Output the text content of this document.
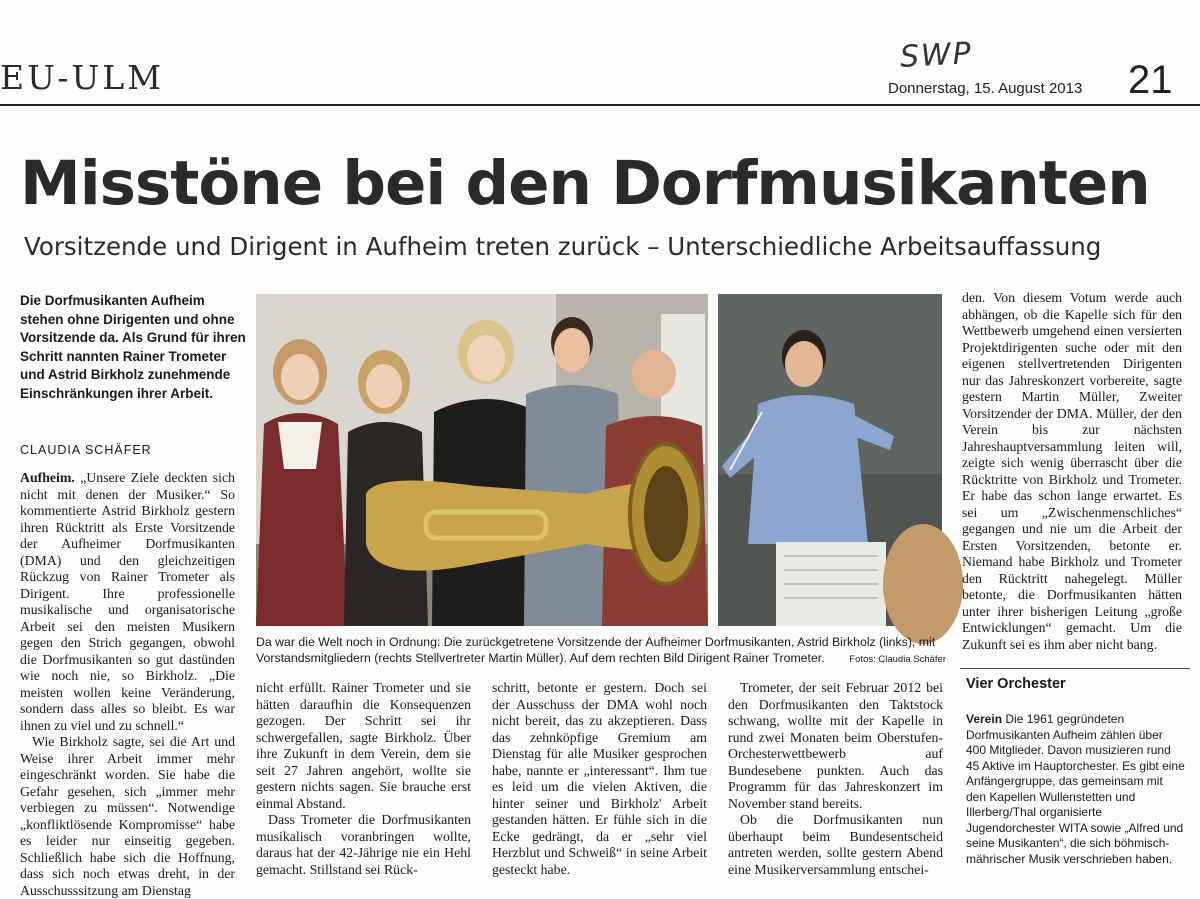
EU-ULM
SWP
Donnerstag, 15. August 2013 21
Misstöne bei den Dorfmusikanten
Vorsitzende und Dirigent in Aufheim treten zurück – Unterschiedliche Arbeitsauffassung

Die Dorfmusikanten Aufheim stehen ohne Dirigenten und ohne Vorsitzende da. Als Grund für ihren Schritt nannten Rainer Trometer und Astrid Birkholz zunehmende Einschränkungen ihrer Arbeit.

CLAUDIA SCHÄFER

Aufheim. „Unsere Ziele deckten sich nicht mit denen der Musiker.“ So kommentierte Astrid Birkholz gestern ihren Rücktritt als Erste Vorsitzende der Aufheimer Dorfmusikanten (DMA) und den gleichzeitigen Rückzug von Rainer Trometer als Dirigent. Ihre professionelle musikalische und organisatorische Arbeit sei den meisten Musikern gegen den Strich gegangen, obwohl die Dorfmusikanten so gut dastünden wie noch nie, so Birkholz. „Die meisten wollen keine Veränderung, sondern dass alles so bleibt. Es war ihnen zu viel und zu schnell.“

Wie Birkholz sagte, sei die Art und Weise ihrer Arbeit immer mehr eingeschränkt worden. Sie habe die Gefahr gesehen, sich „immer mehr verbiegen zu müssen“. Notwendige „konfliktlösende Kompromisse“ habe es leider nur einseitig gegeben. Schließlich habe sich die Hoffnung, dass sich noch etwas dreht, in der Ausschusssitzung am Dienstag

Da war die Welt noch in Ordnung: Die zurückgetretene Vorsitzende der Aufheimer Dorfmusikanten, Astrid Birkholz (links), mit Vorstandsmitgliedern (rechts Stellvertreter Martin Müller). Auf dem rechten Bild Dirigent Rainer Trometer.	Fotos: Claudia Schäfer

nicht erfüllt. Rainer Trometer und sie hätten daraufhin die Konsequenzen gezogen. Der Schritt sei ihr schwergefallen, sagte Birkholz. Über ihre Zukunft in dem Verein, dem sie seit 27 Jahren angehört, wollte sie gestern nichts sagen. Sie brauche erst einmal Abstand.

Dass Trometer die Dorfmusikanten musikalisch voranbringen wollte, daraus hat der 42-Jährige nie ein Hehl gemacht. Stillstand sei Rück-

schritt, betonte er gestern. Doch sei der Ausschuss der DMA wohl noch nicht bereit, das zu akzeptieren. Dass das zehnköpfige Gremium am Dienstag für alle Musiker gesprochen habe, nannte er „interessant“. Ihm tue es leid um die vielen Aktiven, die hinter seiner und Birkholz' Arbeit gestanden hätten. Er fühle sich in die Ecke gedrängt, da er „sehr viel Herzblut und Schweiß“ in seine Arbeit gesteckt habe.

Trometer, der seit Februar 2012 bei den Dorfmusikanten den Taktstock schwang, wollte mit der Kapelle in rund zwei Monaten beim Oberstufen-Orchesterwettbewerb auf Bundesebene punkten. Auch das Programm für das Jahreskonzert im November stand bereits.

Ob die Dorfmusikanten nun überhaupt beim Bundesentscheid antreten werden, sollte gestern Abend eine Musikerversammlung entschei-

den. Von diesem Votum werde auch abhängen, ob die Kapelle sich für den Wettbewerb umgehend einen versierten Projektdirigenten suche oder mit den eigenen stellvertretenden Dirigenten nur das Jahreskonzert vorbereite, sagte gestern Martin Müller, Zweiter Vorsitzender der DMA. Müller, der den Verein bis zur nächsten Jahreshauptversammlung leiten will, zeigte sich wenig überrascht über die Rücktritte von Birkholz und Trometer. Er habe das schon lange erwartet. Es sei um „Zwischenmenschliches“ gegangen und nie um die Arbeit der Ersten Vorsitzenden, betonte er. Niemand habe Birkholz und Trometer den Rücktritt nahegelegt. Müller betonte, die Dorfmusikanten hätten unter ihrer bisherigen Leitung „große Entwicklungen“ gemacht. Um die Zukunft sei es ihm aber nicht bang.

Vier Orchester

Verein Die 1961 gegründeten Dorfmusikanten Aufheim zählen über 400 Mitglieder. Davon musizieren rund 45 Aktive im Hauptorchester. Es gibt eine Anfängergruppe, das gemeinsam mit den Kapellen Wullenstetten und Illerberg/Thal organisierte Jugendorchester WITA sowie „Alfred und seine Musikanten“, die sich böhmisch-mährischer Musik verschrieben haben.
